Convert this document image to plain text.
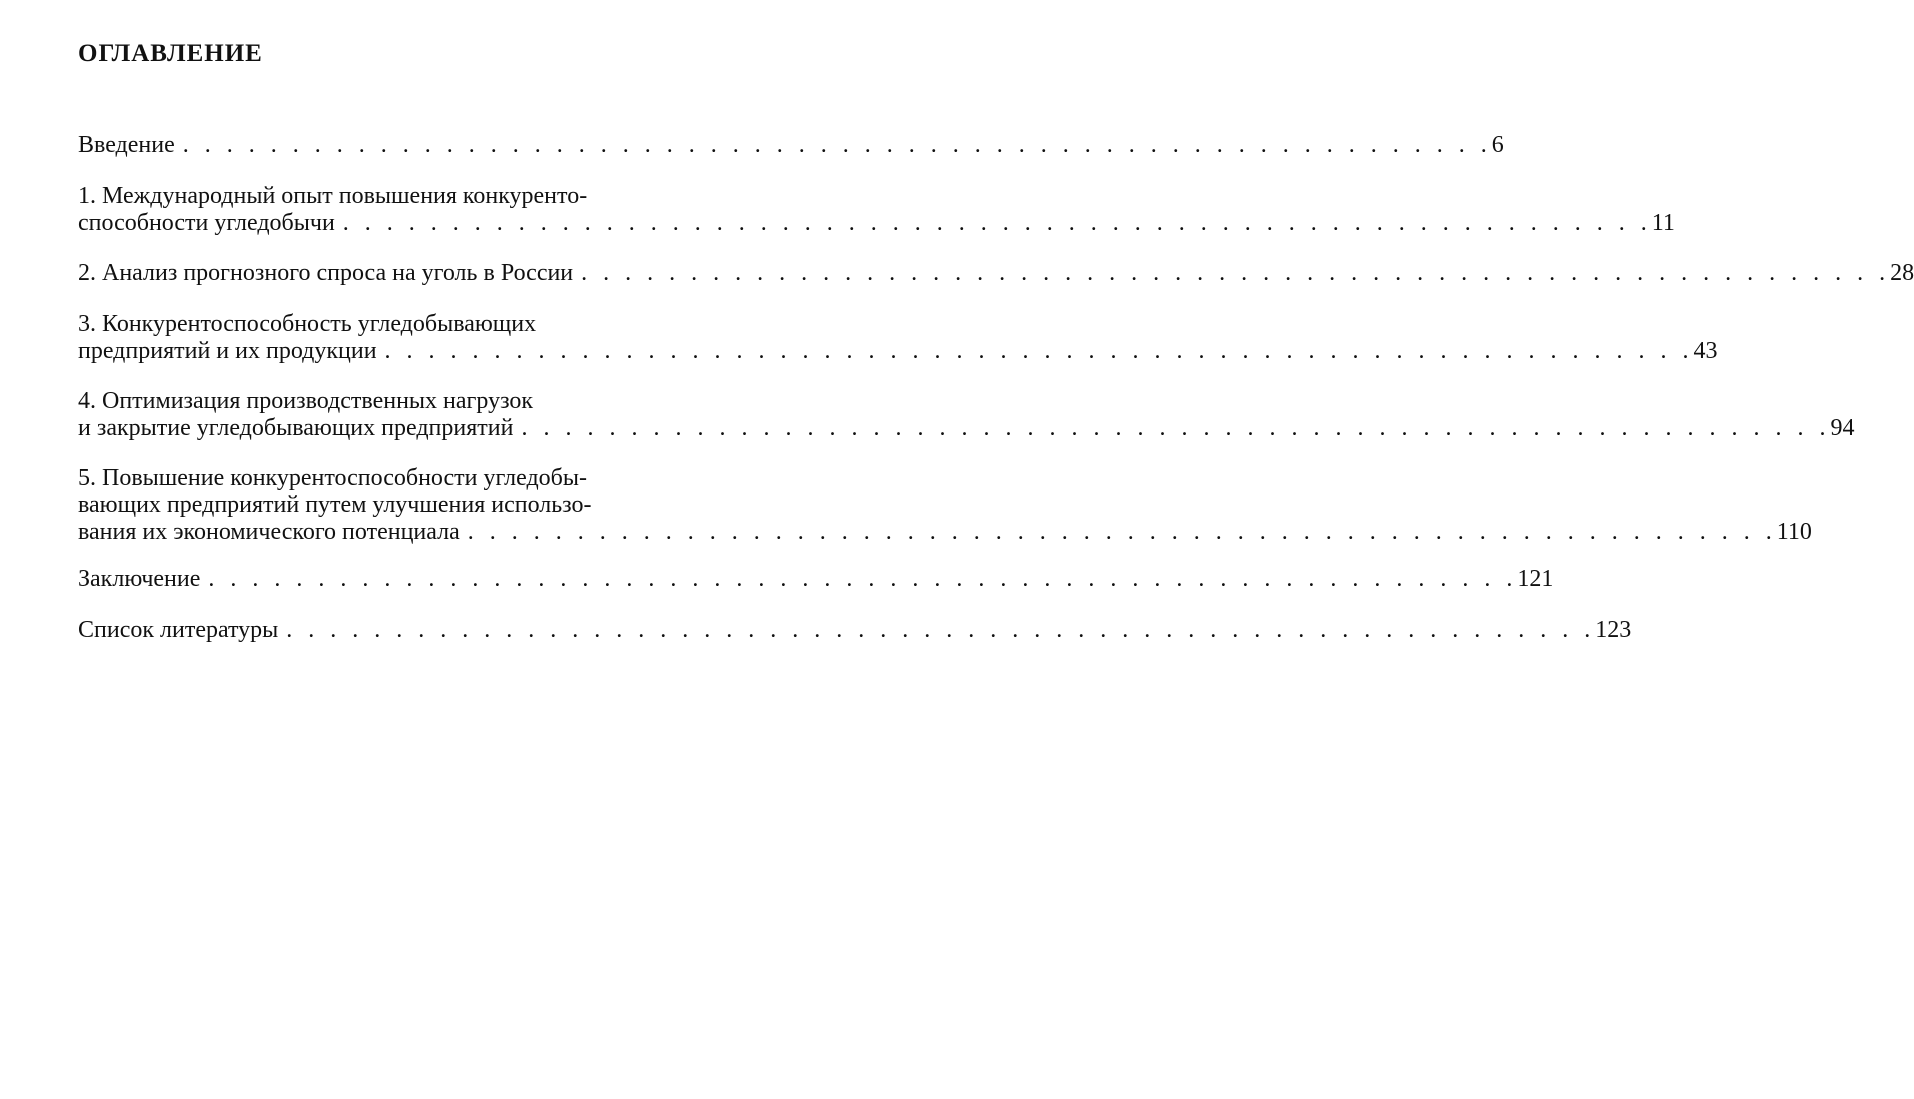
ОГЛАВЛЕНИЕ
Введение . . . . . . . . . . . . . . . . . . . . . . . . . . . . . . . . . . . . . . . . . . . . . . . . . . . . . . . . . . . . 6
1. Международный опыт повышения конкуренто-
способности угледобычи . . . . . . . . . . . . . . . . . . . . . . . . . . . . . . . . . . . . . . . . . . . . . . . . . . . . . . . . . . . . 11
2. Анализ прогнозного спроса на уголь в России . . . . . . . . . . . . . . . . . . . . . . . . . . . . . . . . . . . . . . . . . . . . . . . . . . . . . . . . . . . . 28
3. Конкурентоспособность угледобывающих
предприятий и их продукции . . . . . . . . . . . . . . . . . . . . . . . . . . . . . . . . . . . . . . . . . . . . . . . . . . . . . . . . . . . . 43
4. Оптимизация производственных нагрузок
и закрытие угледобывающих предприятий . . . . . . . . . . . . . . . . . . . . . . . . . . . . . . . . . . . . . . . . . . . . . . . . . . . . . . . . . . . . 94
5. Повышение конкурентоспособности угледобы-
вающих предприятий путем улучшения использо-
вания их экономического потенциала . . . . . . . . . . . . . . . . . . . . . . . . . . . . . . . . . . . . . . . . . . . . . . . . . . . . . . . . . . . . 110
Заключение . . . . . . . . . . . . . . . . . . . . . . . . . . . . . . . . . . . . . . . . . . . . . . . . . . . . . . . . . . . . 121
Список литературы . . . . . . . . . . . . . . . . . . . . . . . . . . . . . . . . . . . . . . . . . . . . . . . . . . . . . . . . . . . . 123
